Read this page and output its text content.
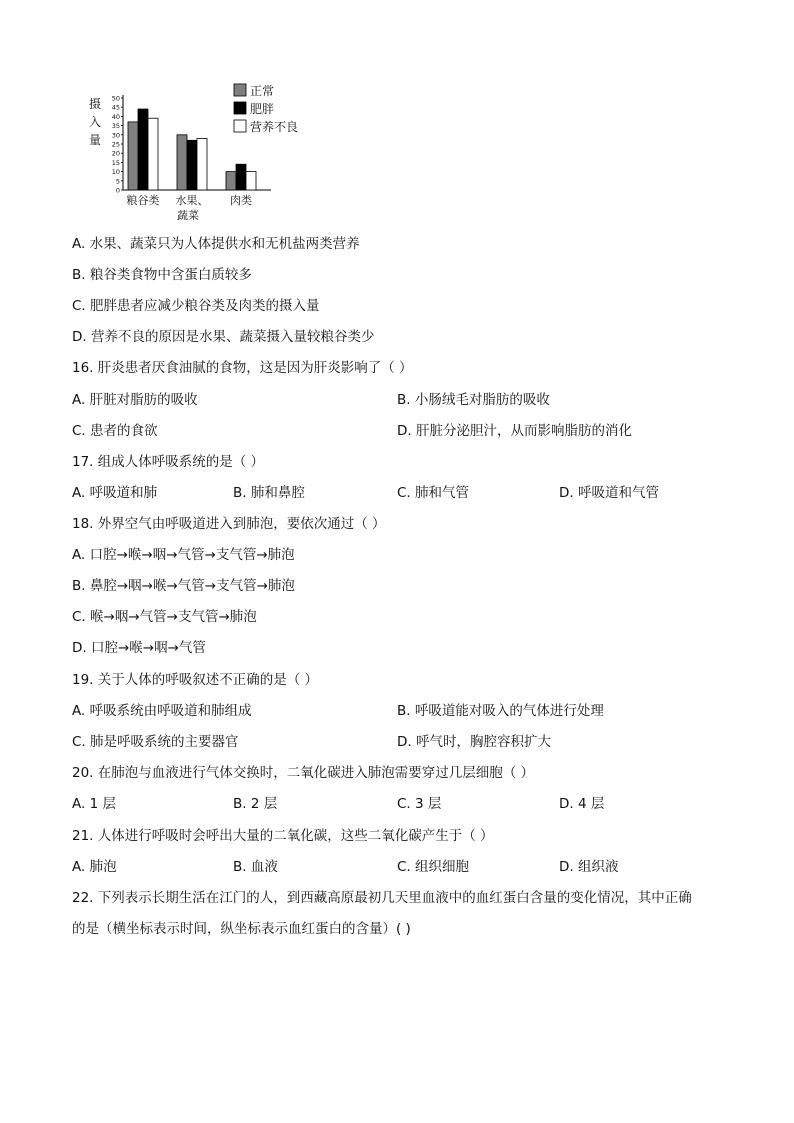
摄
入
量
0
5
10
15
20
25
30
35
40
45
50
粮谷类 水果、
蔬菜
肉类
正常
肥胖
营养不良
A. 水果、蔬菜只为人体提供水和无机盐两类营养
B. 粮谷类食物中含蛋白质较多
C. 肥胖患者应减少粮谷类及肉类的摄入量
D. 营养不良的原因是水果、蔬菜摄入量较粮谷类少
16. 肝炎患者厌食油腻的食物，这是因为肝炎影响了（ ）
A. 肝脏对脂肪的吸收	B. 小肠绒毛对脂肪的吸收
C. 患者的食欲	D. 肝脏分泌胆汁，从而影响脂肪的消化
17. 组成人体呼吸系统的是（ ）
A. 呼吸道和肺	B. 肺和鼻腔	C. 肺和气管	D. 呼吸道和气管
18. 外界空气由呼吸道进入到肺泡，要依次通过（ ）
A. 口腔→喉→咽→气管→支气管→肺泡
B. 鼻腔→咽→喉→气管→支气管→肺泡
C. 喉→咽→气管→支气管→肺泡
D. 口腔→喉→咽→气管
19. 关于人体的呼吸叙述不正确的是（ ）
A. 呼吸系统由呼吸道和肺组成	B. 呼吸道能对吸入的气体进行处理
C. 肺是呼吸系统的主要器官	D. 呼气时，胸腔容积扩大
20. 在肺泡与血液进行气体交换时，二氧化碳进入肺泡需要穿过几层细胞（ ）
A. 1 层	B. 2 层	C. 3 层	D. 4 层
21. 人体进行呼吸时会呼出大量的二氧化碳，这些二氧化碳产生于（ ）
A. 肺泡	B. 血液	C. 组织细胞	D. 组织液
22. 下列表示长期生活在江门的人，到西藏高原最初几天里血液中的血红蛋白含量的变化情况，其中正确
的是（横坐标表示时间，纵坐标表示血红蛋白的含量）( )
